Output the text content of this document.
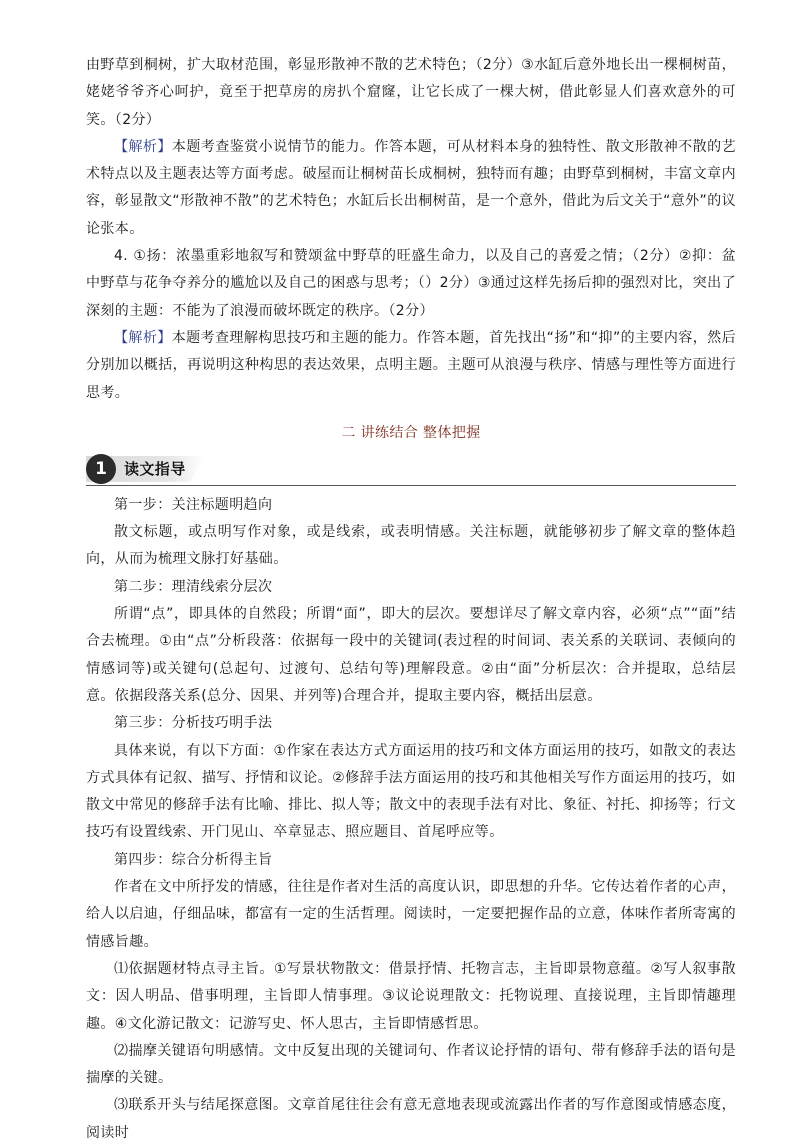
由野草到桐树，扩大取材范围，彰显形散神不散的艺术特色；（2分）③水缸后意外地长出一棵桐树苗，姥姥爷爷齐心呵护，竟至于把草房的房扒个窟窿，让它长成了一棵大树，借此彰显人们喜欢意外的可笑。（2分）

【解析】本题考查鉴赏小说情节的能力。作答本题，可从材料本身的独特性、散文形散神不散的艺术特点以及主题表达等方面考虑。破屋而让桐树苗长成桐树，独特而有趣；由野草到桐树，丰富文章内容，彰显散文“形散神不散”的艺术特色；水缸后长出桐树苗，是一个意外，借此为后文关于“意外”的议论张本。

4. ①扬：浓墨重彩地叙写和赞颂盆中野草的旺盛生命力，以及自己的喜爱之情；（2分）②抑：盆中野草与花争夺养分的尴尬以及自己的困惑与思考；（）2分）③通过这样先扬后抑的强烈对比，突出了深刻的主题：不能为了浪漫而破坏既定的秩序。（2分）

【解析】本题考查理解构思技巧和主题的能力。作答本题，首先找出“扬”和“抑”的主要内容，然后分别加以概括，再说明这种构思的表达效果，点明主题。主题可从浪漫与秩序、情感与理性等方面进行思考。

二 讲练结合 整体把握
1	读文指导

第一步：关注标题明趋向

散文标题，或点明写作对象，或是线索，或表明情感。关注标题，就能够初步了解文章的整体趋向，从而为梳理文脉打好基础。

第二步：理清线索分层次

所谓“点”，即具体的自然段；所谓“面”，即大的层次。要想详尽了解文章内容，必须“点”“面”结合去梳理。①由“点”分析段落：依据每一段中的关键词(表过程的时间词、表关系的关联词、表倾向的情感词等)或关键句(总起句、过渡句、总结句等)理解段意。②由“面”分析层次：合并提取，总结层意。依据段落关系(总分、因果、并列等)合理合并，提取主要内容，概括出层意。

第三步：分析技巧明手法

具体来说，有以下方面：①作家在表达方式方面运用的技巧和文体方面运用的技巧，如散文的表达方式具体有记叙、描写、抒情和议论。②修辞手法方面运用的技巧和其他相关写作方面运用的技巧，如散文中常见的修辞手法有比喻、排比、拟人等；散文中的表现手法有对比、象征、衬托、抑扬等；行文技巧有设置线索、开门见山、卒章显志、照应题目、首尾呼应等。

第四步：综合分析得主旨

作者在文中所抒发的情感，往往是作者对生活的高度认识，即思想的升华。它传达着作者的心声，给人以启迪，仔细品味，都富有一定的生活哲理。阅读时，一定要把握作品的立意，体味作者所寄寓的情感旨趣。

⑴依据题材特点寻主旨。①写景状物散文：借景抒情、托物言志，主旨即景物意蕴。②写人叙事散文：因人明品、借事明理，主旨即人情事理。③议论说理散文：托物说理、直接说理，主旨即情趣理趣。④文化游记散文：记游写史、怀人思古，主旨即情感哲思。

⑵揣摩关键语句明感情。文中反复出现的关键词句、作者议论抒情的语句、带有修辞手法的语句是揣摩的关键。

⑶联系开头与结尾探意图。文章首尾往往会有意无意地表现或流露出作者的写作意图或情感态度，阅读时
